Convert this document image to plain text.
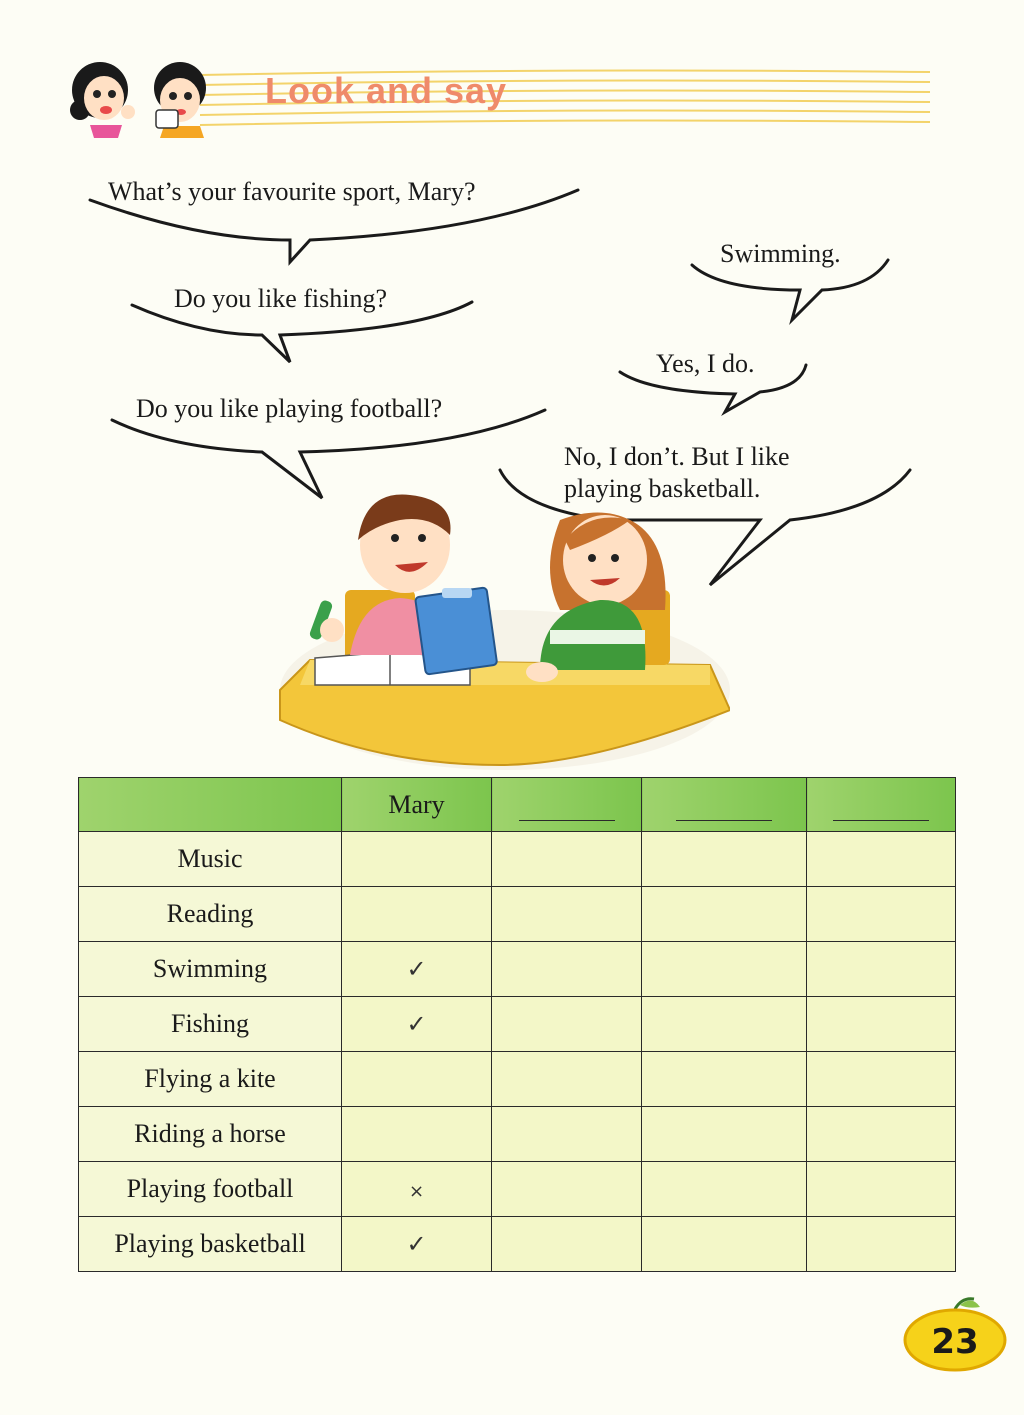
Look and say
What’s your favourite sport, Mary?
Swimming.
Do you like fishing?
Yes, I do.
Do you like playing football?
No, I don’t. But I like
playing basketball.
	Mary			
Music				
Reading				
Swimming	✓			
Fishing	✓			
Flying a kite				
Riding a horse				
Playing football	×			
Playing basketball	✓			
23
